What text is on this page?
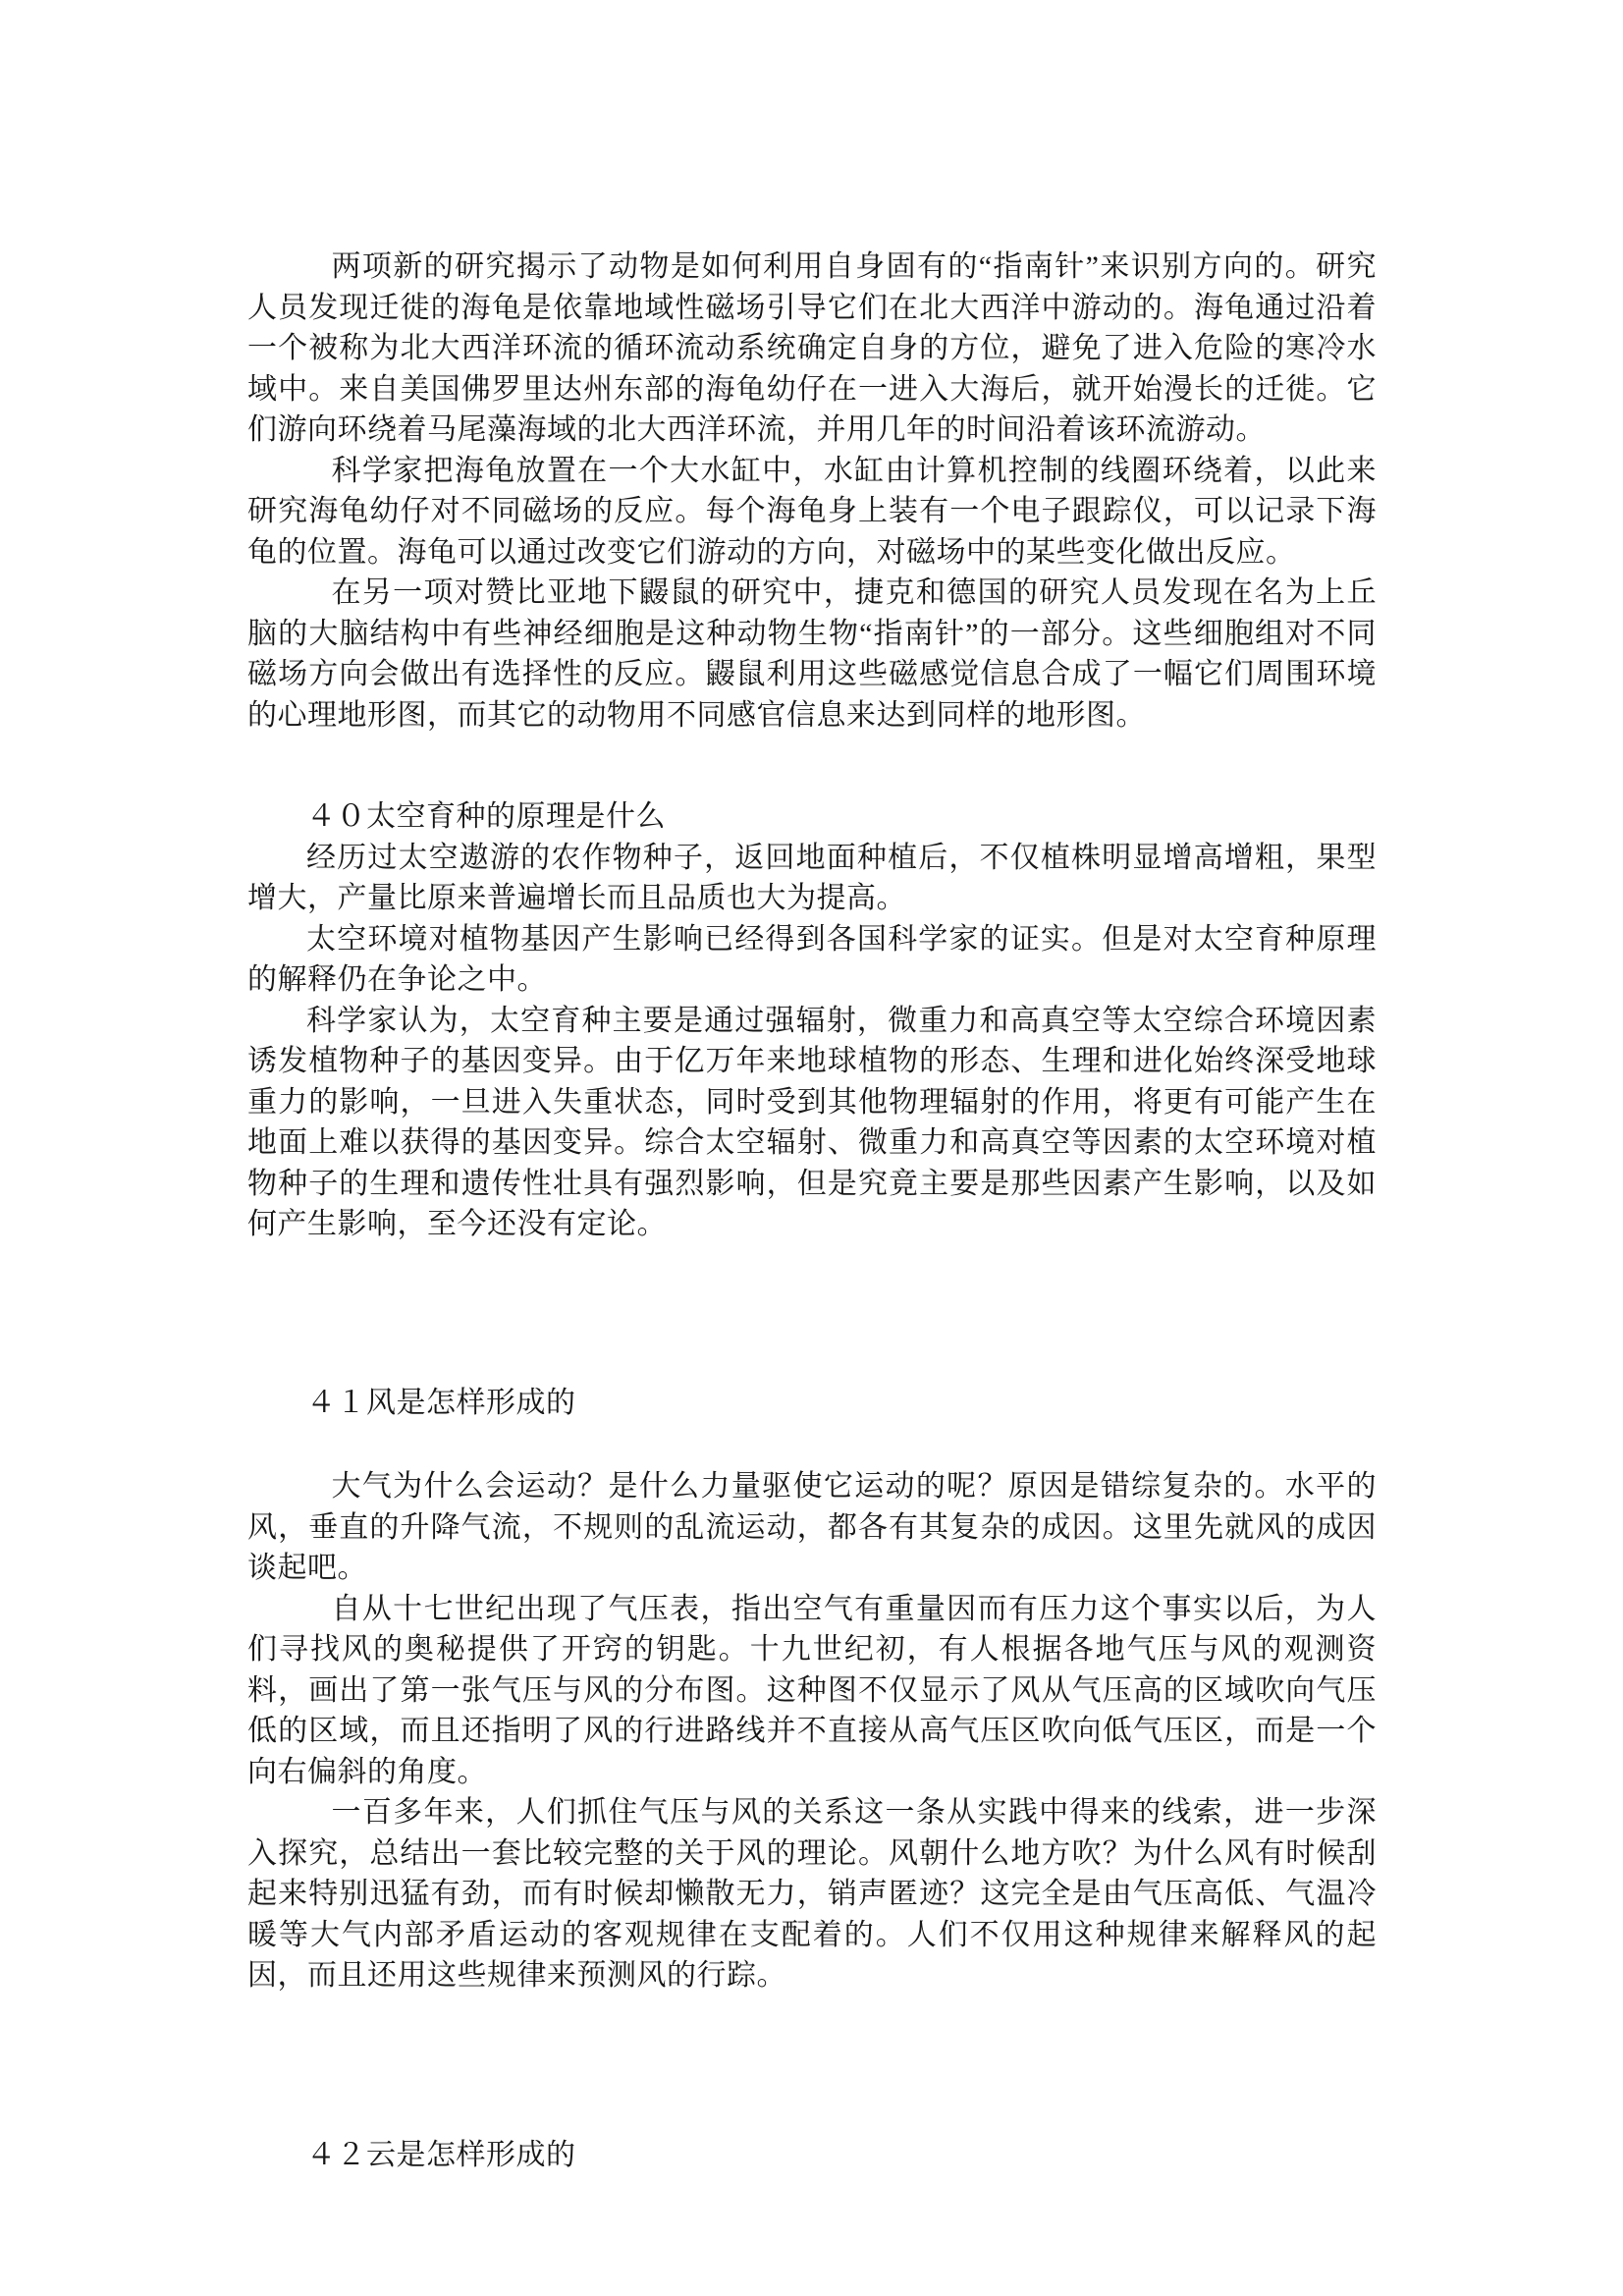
两项新的研究揭示了动物是如何利用自身固有的“指南针”来识别方向的。研究人员发现迁徙的海龟是依靠地域性磁场引导它们在北大西洋中游动的。海龟通过沿着一个被称为北大西洋环流的循环流动系统确定自身的方位，避免了进入危险的寒冷水域中。来自美国佛罗里达州东部的海龟幼仔在一进入大海后，就开始漫长的迁徙。它们游向环绕着马尾藻海域的北大西洋环流，并用几年的时间沿着该环流游动。

科学家把海龟放置在一个大水缸中，水缸由计算机控制的线圈环绕着，以此来研究海龟幼仔对不同磁场的反应。每个海龟身上装有一个电子跟踪仪，可以记录下海龟的位置。海龟可以通过改变它们游动的方向，对磁场中的某些变化做出反应。

在另一项对赞比亚地下鼹鼠的研究中，捷克和德国的研究人员发现在名为上丘脑的大脑结构中有些神经细胞是这种动物生物“指南针”的一部分。这些细胞组对不同磁场方向会做出有选择性的反应。鼹鼠利用这些磁感觉信息合成了一幅它们周围环境的心理地形图，而其它的动物用不同感官信息来达到同样的地形图。

４０太空育种的原理是什么

经历过太空遨游的农作物种子，返回地面种植后，不仅植株明显增高增粗，果型增大，产量比原来普遍增长而且品质也大为提高。

太空环境对植物基因产生影响已经得到各国科学家的证实。但是对太空育种原理的解释仍在争论之中。

科学家认为，太空育种主要是通过强辐射，微重力和高真空等太空综合环境因素诱发植物种子的基因变异。由于亿万年来地球植物的形态、生理和进化始终深受地球重力的影响，一旦进入失重状态，同时受到其他物理辐射的作用，将更有可能产生在地面上难以获得的基因变异。综合太空辐射、微重力和高真空等因素的太空环境对植物种子的生理和遗传性壮具有强烈影响，但是究竟主要是那些因素产生影响，以及如何产生影响，至今还没有定论。

４１风是怎样形成的

大气为什么会运动？是什么力量驱使它运动的呢？原因是错综复杂的。水平的风，垂直的升降气流，不规则的乱流运动，都各有其复杂的成因。这里先就风的成因谈起吧。

自从十七世纪出现了气压表，指出空气有重量因而有压力这个事实以后，为人们寻找风的奥秘提供了开窍的钥匙。十九世纪初，有人根据各地气压与风的观测资料，画出了第一张气压与风的分布图。这种图不仅显示了风从气压高的区域吹向气压低的区域，而且还指明了风的行进路线并不直接从高气压区吹向低气压区，而是一个向右偏斜的角度。

一百多年来，人们抓住气压与风的关系这一条从实践中得来的线索，进一步深入探究，总结出一套比较完整的关于风的理论。风朝什么地方吹？为什么风有时候刮起来特别迅猛有劲，而有时候却懒散无力，销声匿迹？这完全是由气压高低、气温冷暖等大气内部矛盾运动的客观规律在支配着的。人们不仅用这种规律来解释风的起因，而且还用这些规律来预测风的行踪。

４２云是怎样形成的
